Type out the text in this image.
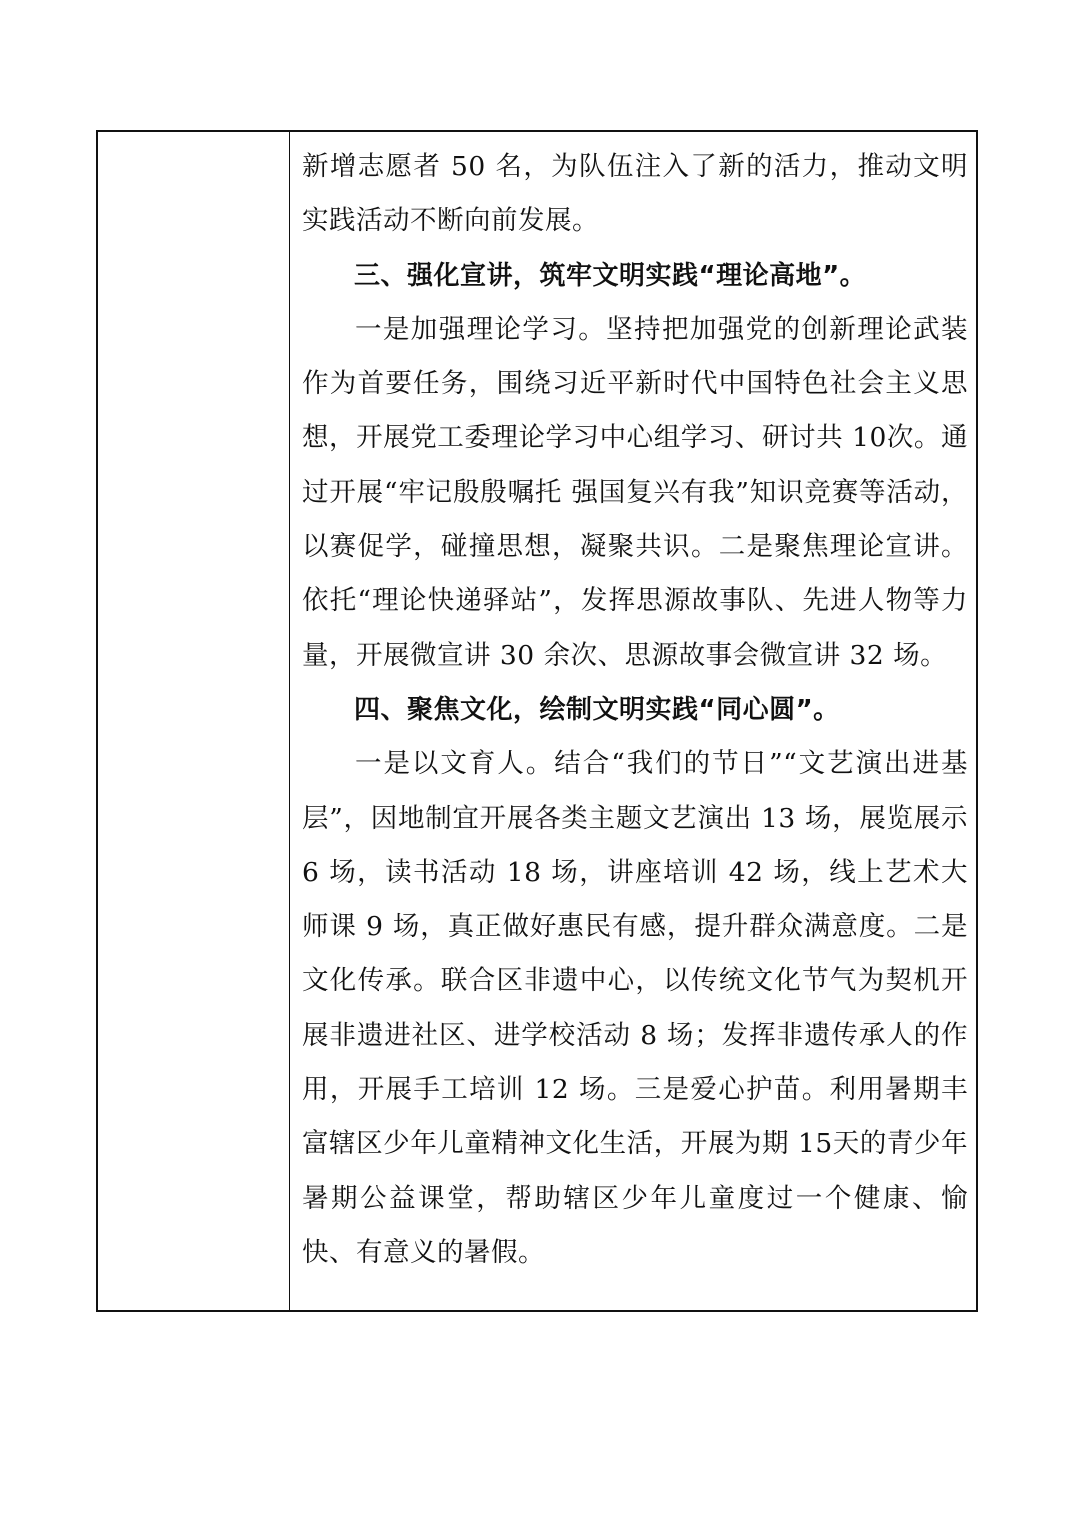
新增志愿者 50 名，为队伍注入了新的活力，推动文明实践活动不断向前发展。

三、强化宣讲，筑牢文明实践“理论高地”。

一是加强理论学习。坚持把加强党的创新理论武装作为首要任务，围绕习近平新时代中国特色社会主义思想，开展党工委理论学习中心组学习、研讨共 10次。通过开展“牢记殷殷嘱托 强国复兴有我”知识竞赛等活动，以赛促学，碰撞思想，凝聚共识。二是聚焦理论宣讲。依托“理论快递驿站”，发挥思源故事队、先进人物等力量，开展微宣讲 30 余次、思源故事会微宣讲 32 场。

四、聚焦文化，绘制文明实践“同心圆”。

一是以文育人。结合“我们的节日”“文艺演出进基层”，因地制宜开展各类主题文艺演出 13 场，展览展示 6 场，读书活动 18 场，讲座培训 42 场，线上艺术大师课 9 场，真正做好惠民有感，提升群众满意度。二是文化传承。联合区非遗中心，以传统文化节气为契机开展非遗进社区、进学校活动 8 场；发挥非遗传承人的作用，开展手工培训 12 场。三是爱心护苗。利用暑期丰富辖区少年儿童精神文化生活，开展为期 15天的青少年暑期公益课堂，帮助辖区少年儿童度过一个健康、愉快、有意义的暑假。
